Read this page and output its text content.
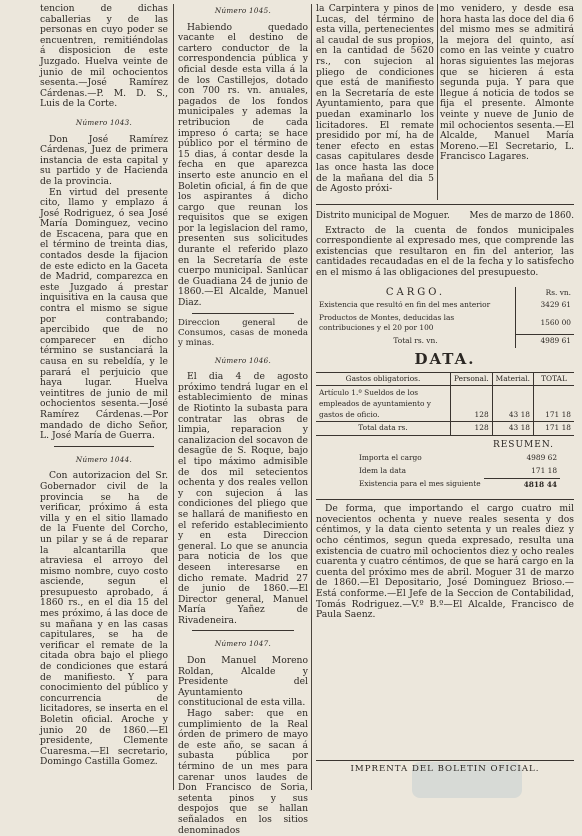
tencion de dichas caballerias y de las personas en cuyo poder se encuentren, remitiéndolas á disposicion de este Juzgado. Huelva veinte de junio de mil ochocientos sesenta.—José Ramírez Cárdenas.—P. M. D. S., Luis de la Corte.

Número 1043.

Don José Ramírez Cárdenas, Juez de primera instancia de esta capital y su partido y de Hacienda de la provincia.

En virtud del presente cito, llamo y emplazo á José Rodriguez, ó sea José María Dominguez, vecino de Escacena, para que en el término de treinta dias, contados desde la fijacion de este edicto en la Gaceta de Madrid, comparezca en este Juzgado á prestar inquisitiva en la causa que contra el mismo se sigue por contrabando; apercibido que de no comparecer en dicho término se sustanciará la causa en su rebeldía, y le parará el perjuicio que haya lugar. Huelva veintitres de junio de mil ochocientos sesenta.—José Ramírez Cárdenas.—Por mandado de dicho Señor, L. José María de Guerra.

Número 1044.

Con autorizacion del Sr. Gobernador civil de la provincia se ha de verificar, próximo á esta villa y en el sitio llamado de la Fuente del Corcho, un pilar y se á de reparar la alcantarilla que atraviesa el arroyo del mismo nombre, cuyo costo asciende, segun el presupuesto aprobado, á 1860 rs., en el dia 15 del mes próximo, á las doce de su mañana y en las casas capitulares, se ha de verificar el remate de la citada obra bajo el pliego de condiciones que estará de manifiesto. Y para conocimiento del público y concurrencia de licitadores, se inserta en el Boletin oficial. Aroche y junio 20 de 1860.—El presidente, Clemente Cuaresma.—El secretario, Domingo Castilla Gomez.

Número 1045.

Habiendo quedado vacante el destino de cartero conductor de la correspondencia pública y oficial desde esta villa á la de los Castillejos, dotado con 700 rs. vn. anuales, pagados de los fondos municipales y ademas la retribucion de cada impreso ó carta; se hace público por el término de 15 dias, á contar desde la fecha en que aparezca inserto este anuncio en el Boletin oficial, á fin de que los aspirantes á dicho cargo que reunan los requisitos que se exigen por la legislacion del ramo, presenten sus solicitudes durante el referido plazo en la Secretaría de este cuerpo municipal. Sanlúcar de Guadiana 24 de junio de 1860.—El Alcalde, Manuel Diaz.

Direccion general de Consumos, casas de moneda y minas.
Número 1046.

El dia 4 de agosto próximo tendrá lugar en el establecimiento de minas de Riotinto la subasta para contratar las obras de limpia, reparacion y canalizacion del socavon de desagüe de S. Roque, bajo el tipo máximo admisible de dos mil setecientos ochenta y dos reales vellon y con sujecion á las condiciones del pliego que se hallará de manifiesto en el referido establecimiento y en esta Direccion general. Lo que se anuncia para noticia de los que deseen interesarse en dicho remate. Madrid 27 de junio de 1860.—El Director general, Manuel María Yañez de Rivadeneira.

Número 1047.

Don Manuel Moreno Roldan, Alcalde y Presidente del Ayuntamiento constitucional de esta villa.

Hago saber: que en cumplimiento de la Real órden de primero de mayo de este año, se sacan á subasta pública por término de un mes para carenar unos laudes de Don Francisco de Soria, setenta pinos y sus despojos que se hallan señalados en los sitios denominados

la Carpintera y pinos de Lucas, del término de esta villa, pertenecientes al caudal de sus propios, en la cantidad de 5620 rs., con sujecion al pliego de condiciones que está de manifiesto en la Secretaría de este Ayuntamiento, para que puedan examinarlo los licitadores. El remate presidido por mí, ha de tener efecto en estas casas capitulares desde las once hasta las doce de la mañana del dia 5 de Agosto próxi-

mo venidero, y desde esa hora hasta las doce del dia 6 del mismo mes se admitirá la mejora del quinto, así como en las veinte y cuatro horas siguientes las mejoras que se hicieren á esta segunda puja. Y para que llegue á noticia de todos se fija el presente. Almonte veinte y nueve de Junio de mil ochocientos sesenta.—El Alcalde, Manuel María Moreno.—El Secretario, L. Francisco Lagares.

Distrito municipal de Moguer. Mes de marzo de 1860.

Extracto de la cuenta de fondos municipales correspondiente al expresado mes, que comprende las existencias que resultaron en fin del anterior, las cantidades recaudadas en el de la fecha y lo satisfecho en el mismo á las obligaciones del presupuesto.

CARGO.	Rs. vn.
Existencia que resultó en fin del mes anterior	3429 61
Productos de Montes, deducidas las contribuciones y el 20 por 100	1560 00
Total rs. vn.	4989 61
DATA.
Gastos obligatorios.	Personal.	Material.	TOTAL
Artículo 1.º Sueldos de los empleados de ayuntamiento y gastos de oficio.	128	43 18	171 18
Total data rs.	128	43 18	171 18
RESUMEN.
Importa el cargo	4989 62
Idem la data	171 18
Existencia para el mes siguiente	4818 44

De forma, que importando el cargo cuatro mil novecientos ochenta y nueve reales sesenta y dos céntimos, y la data ciento setenta y un reales diez y ocho céntimos, segun queda expresado, resulta una existencia de cuatro mil ochocientos diez y ocho reales cuarenta y cuatro céntimos, de que se hará cargo en la cuenta del próximo mes de abril. Moguer 31 de marzo de 1860.—El Depositario, José Dominguez Brioso.—Está conforme.—El Jefe de la Seccion de Contabilidad, Tomás Rodriguez.—V.º B.º—El Alcalde, Francisco de Paula Saenz.

IMPRENTA DEL BOLETIN OFICIAL.
